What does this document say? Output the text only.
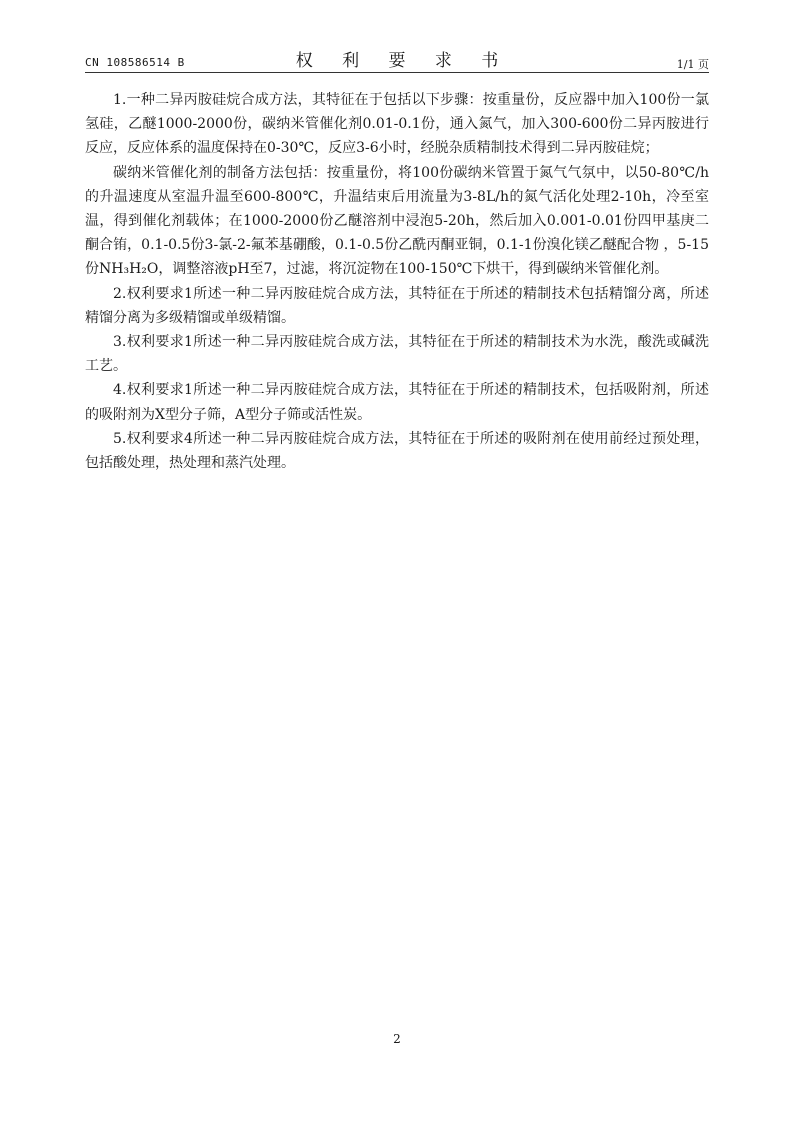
CN 108586514 B	权 利 要 求 书	1/1 页

1.一种二异丙胺硅烷合成方法，其特征在于包括以下步骤：按重量份，反应器中加入100份一氯氢硅，乙醚1000-2000份，碳纳米管催化剂0.01-0.1份，通入氮气，加入300-600份二异丙胺进行反应，反应体系的温度保持在0-30℃，反应3-6小时，经脱杂质精制技术得到二异丙胺硅烷；

碳纳米管催化剂的制备方法包括：按重量份，将100份碳纳米管置于氮气气氛中，以50-80℃/h的升温速度从室温升温至600-800℃，升温结束后用流量为3-8L/h的氮气活化处理2-10h，冷至室温，得到催化剂载体；在1000-2000份乙醚溶剂中浸泡5-20h，然后加入0.001-0.01份四甲基庚二酮合铕，0.1-0.5份3-氯-2-氟苯基硼酸，0.1-0.5份乙酰丙酮亚铜，0.1-1份溴化镁乙醚配合物 ，5-15份NH₃H₂O，调整溶液pH至7，过滤，将沉淀物在100-150℃下烘干，得到碳纳米管催化剂。

2.权利要求1所述一种二异丙胺硅烷合成方法，其特征在于所述的精制技术包括精馏分离，所述精馏分离为多级精馏或单级精馏。

3.权利要求1所述一种二异丙胺硅烷合成方法，其特征在于所述的精制技术为水洗，酸洗或碱洗工艺。

4.权利要求1所述一种二异丙胺硅烷合成方法，其特征在于所述的精制技术，包括吸附剂，所述的吸附剂为X型分子筛，A型分子筛或活性炭。

5.权利要求4所述一种二异丙胺硅烷合成方法，其特征在于所述的吸附剂在使用前经过预处理，包括酸处理，热处理和蒸汽处理。

2
